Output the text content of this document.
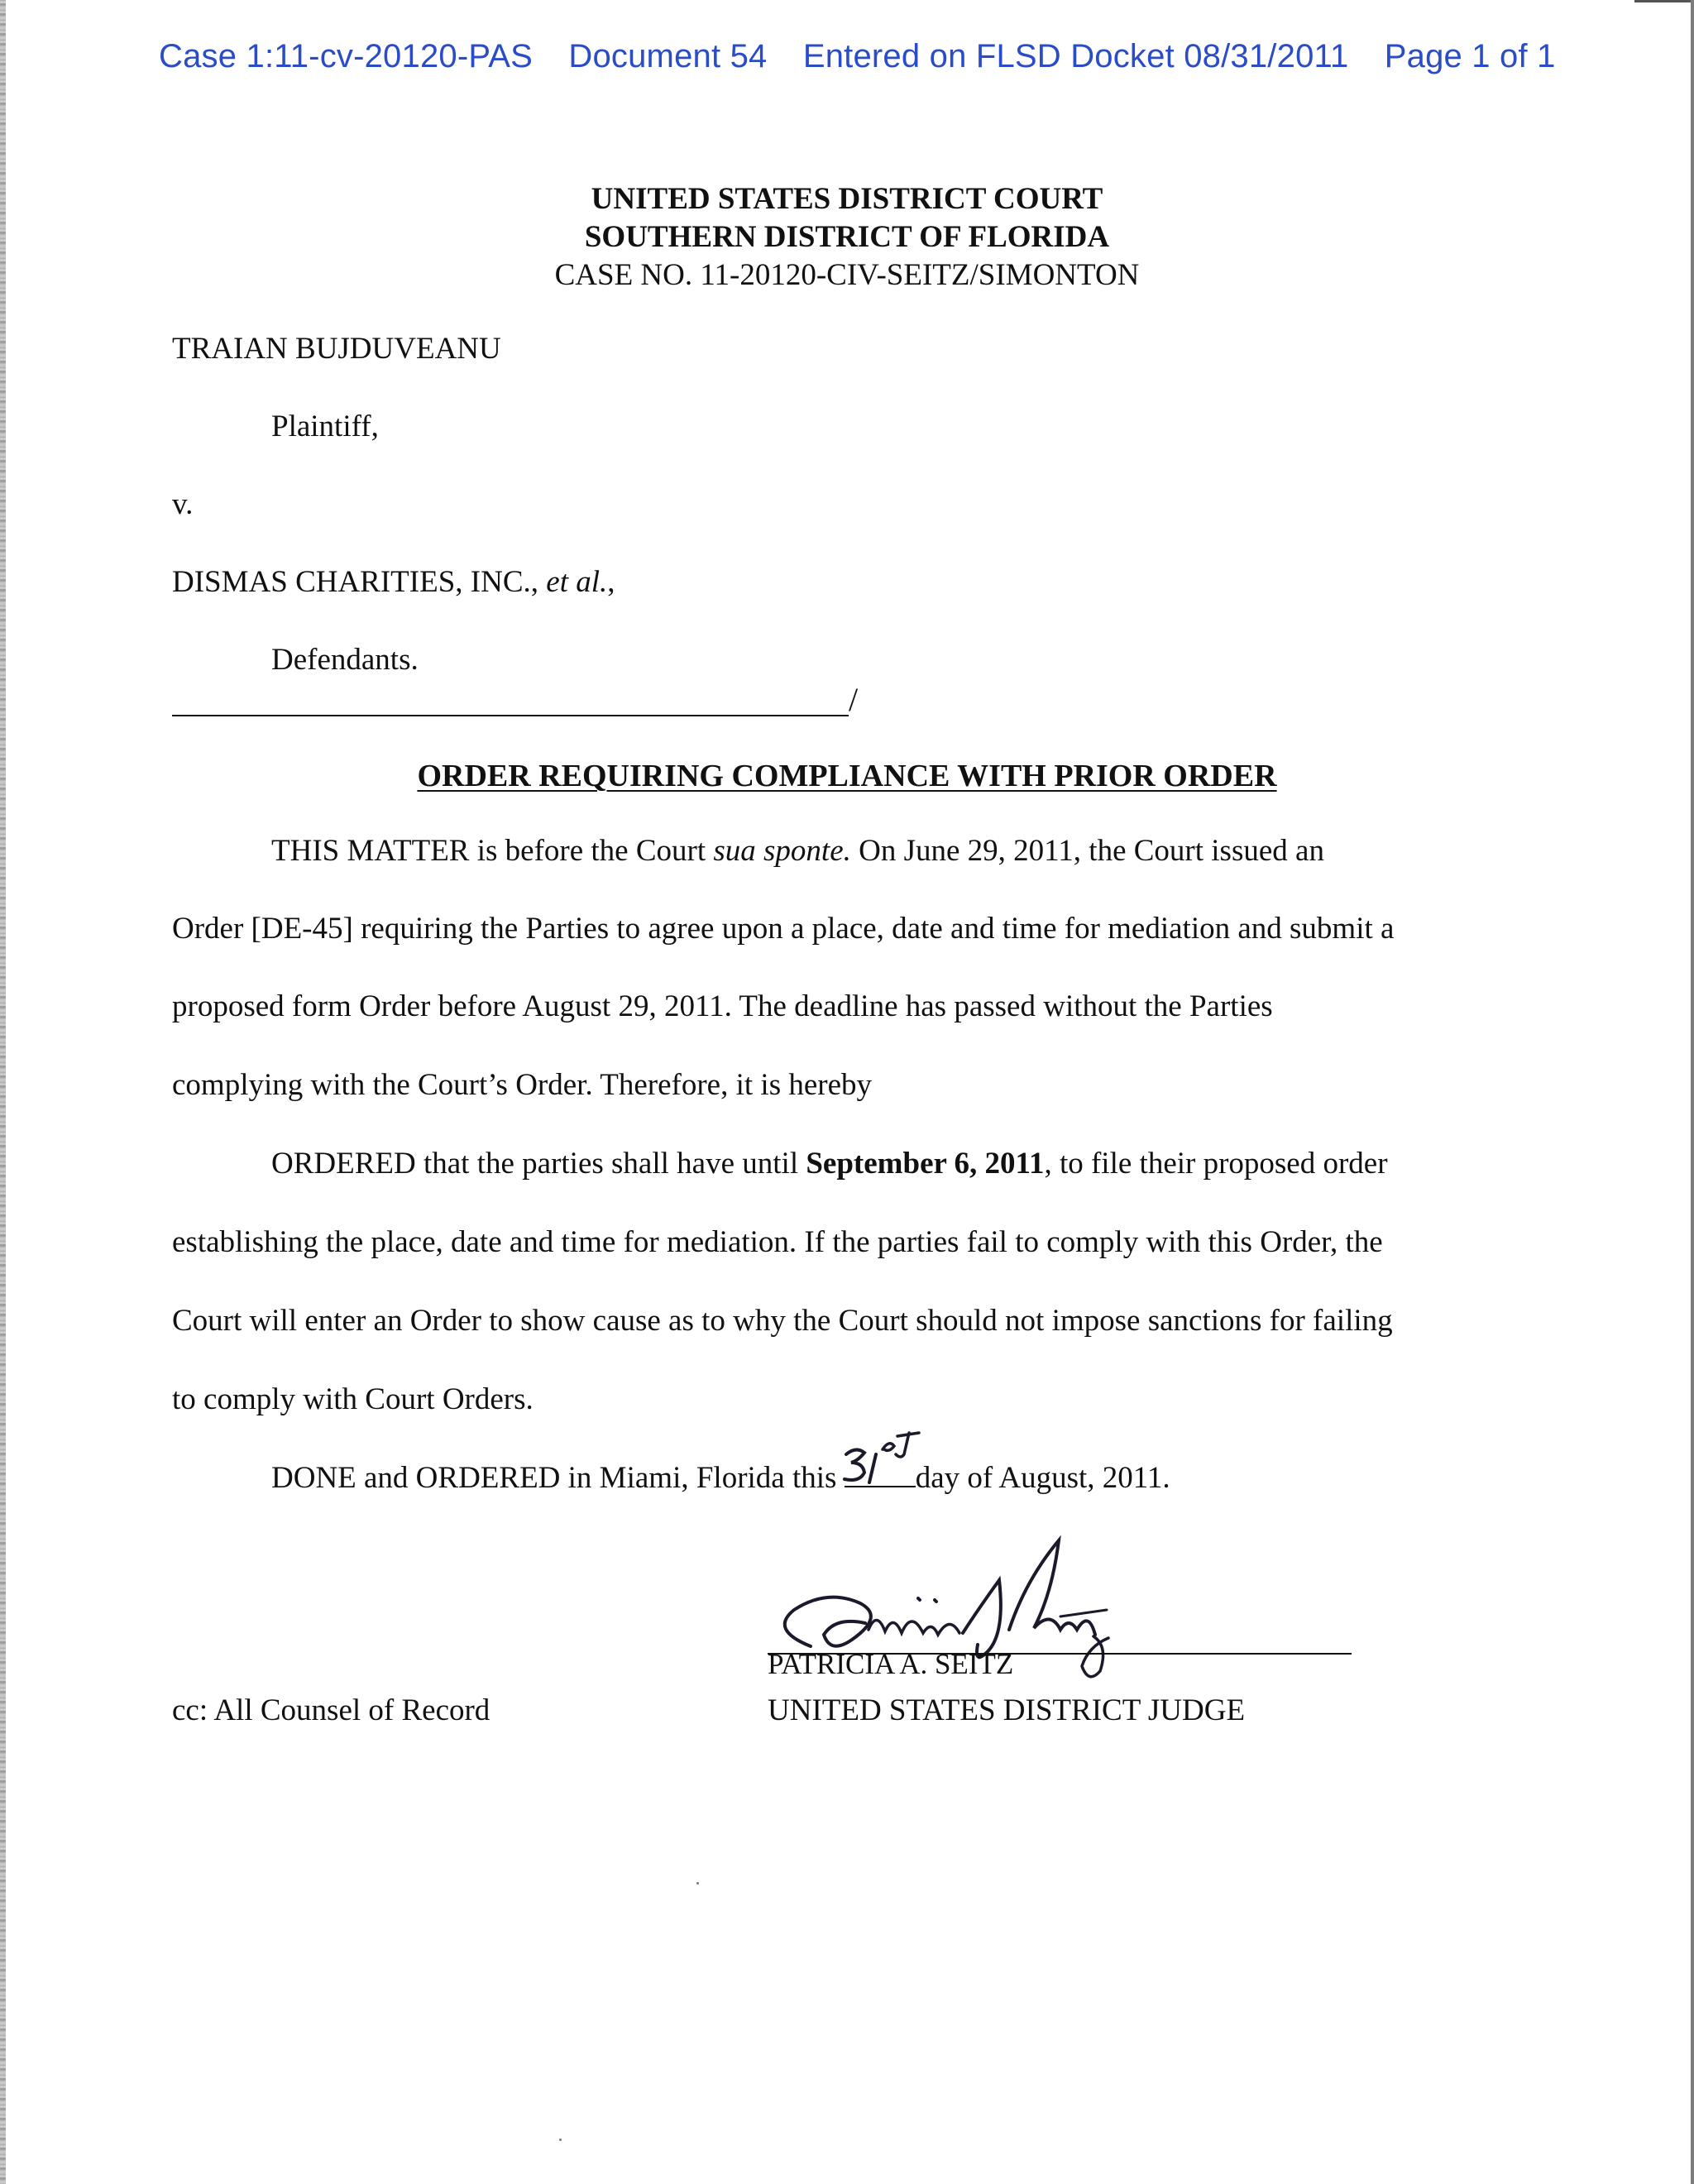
Case 1:11-cv-20120-PAS Document 54 Entered on FLSD Docket 08/31/2011 Page 1 of 1
UNITED STATES DISTRICT COURT
SOUTHERN DISTRICT OF FLORIDA
CASE NO. 11-20120-CIV-SEITZ/SIMONTON
TRAIAN BUJDUVEANU
Plaintiff,
v.
DISMAS CHARITIES, INC., et al.,
Defendants.
/
ORDER REQUIRING COMPLIANCE WITH PRIOR ORDER
THIS MATTER is before the Court sua sponte. On June 29, 2011, the Court issued an
Order [DE-45] requiring the Parties to agree upon a place, date and time for mediation and submit a
proposed form Order before August 29, 2011. The deadline has passed without the Parties
complying with the Court’s Order. Therefore, it is hereby
ORDERED that the parties shall have until September 6, 2011, to file their proposed order
establishing the place, date and time for mediation. If the parties fail to comply with this Order, the
Court will enter an Order to show cause as to why the Court should not impose sanctions for failing
to comply with Court Orders.
DONE and ORDERED in Miami, Florida this
day of August, 2011.
PATRICIA A. SEITZ
UNITED STATES DISTRICT JUDGE
cc: All Counsel of Record
